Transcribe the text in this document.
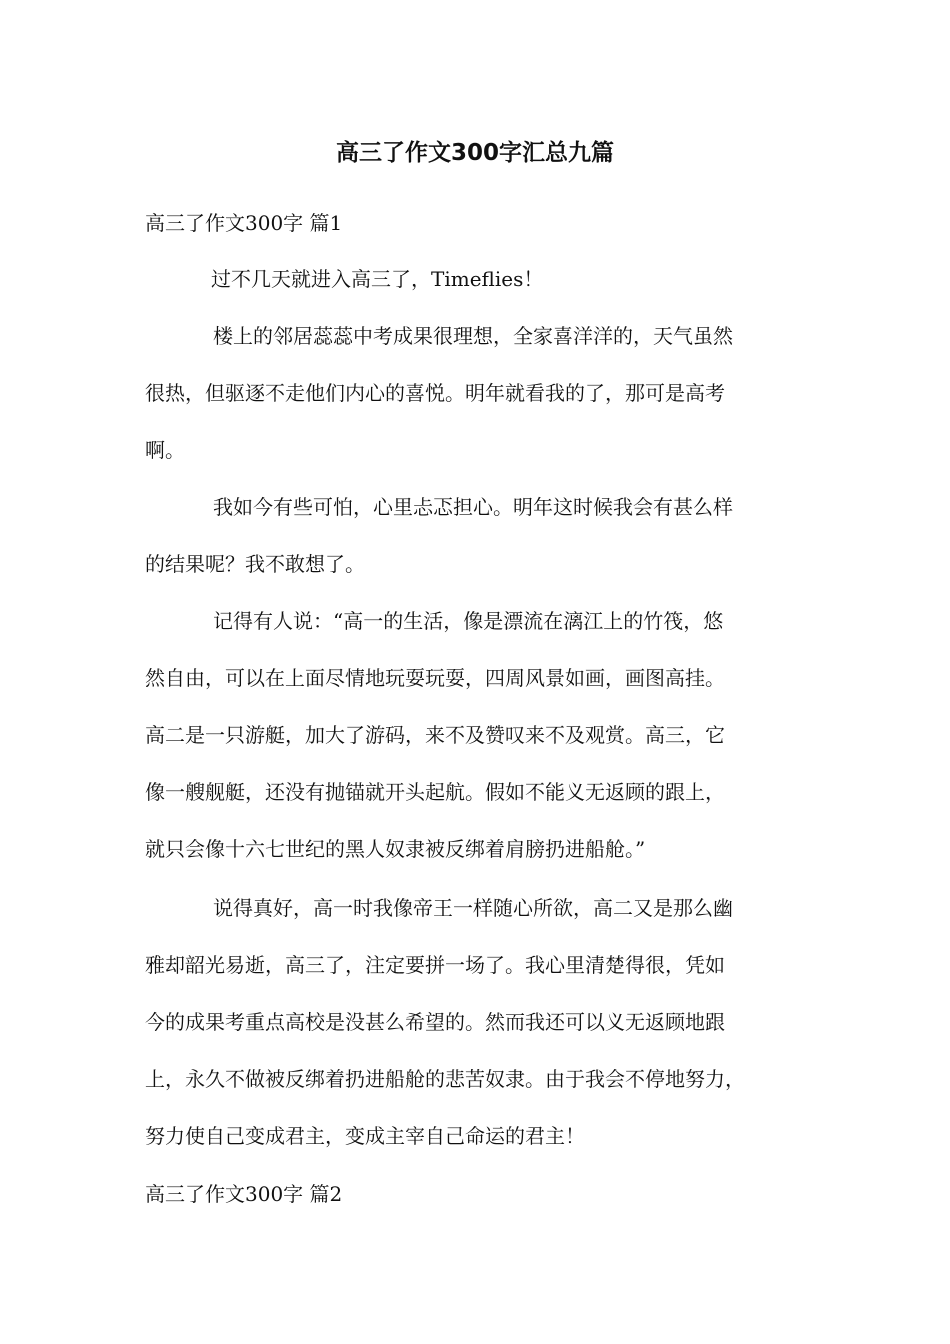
高三了作文300字汇总九篇
高三了作文300字 篇1
过不几天就进入高三了，Timeflies！
楼上的邻居蕊蕊中考成果很理想，全家喜洋洋的，天气虽然
很热，但驱逐不走他们内心的喜悦。明年就看我的了，那可是高考
啊。
我如今有些可怕，心里忐忑担心。明年这时候我会有甚么样
的结果呢？我不敢想了。
记得有人说：“高一的生活，像是漂流在漓江上的竹筏，悠
然自由，可以在上面尽情地玩耍玩耍，四周风景如画，画图高挂。
高二是一只游艇，加大了游码，来不及赞叹来不及观赏。高三，它
像一艘舰艇，还没有抛锚就开头起航。假如不能义无返顾的跟上，
就只会像十六七世纪的黑人奴隶被反绑着肩膀扔进船舱。”
说得真好，高一时我像帝王一样随心所欲，高二又是那么幽
雅却韶光易逝，高三了，注定要拼一场了。我心里清楚得很，凭如
今的成果考重点高校是没甚么希望的。然而我还可以义无返顾地跟
上，永久不做被反绑着扔进船舱的悲苦奴隶。由于我会不停地努力，
努力使自己变成君主，变成主宰自己命运的君主！
高三了作文300字 篇2
